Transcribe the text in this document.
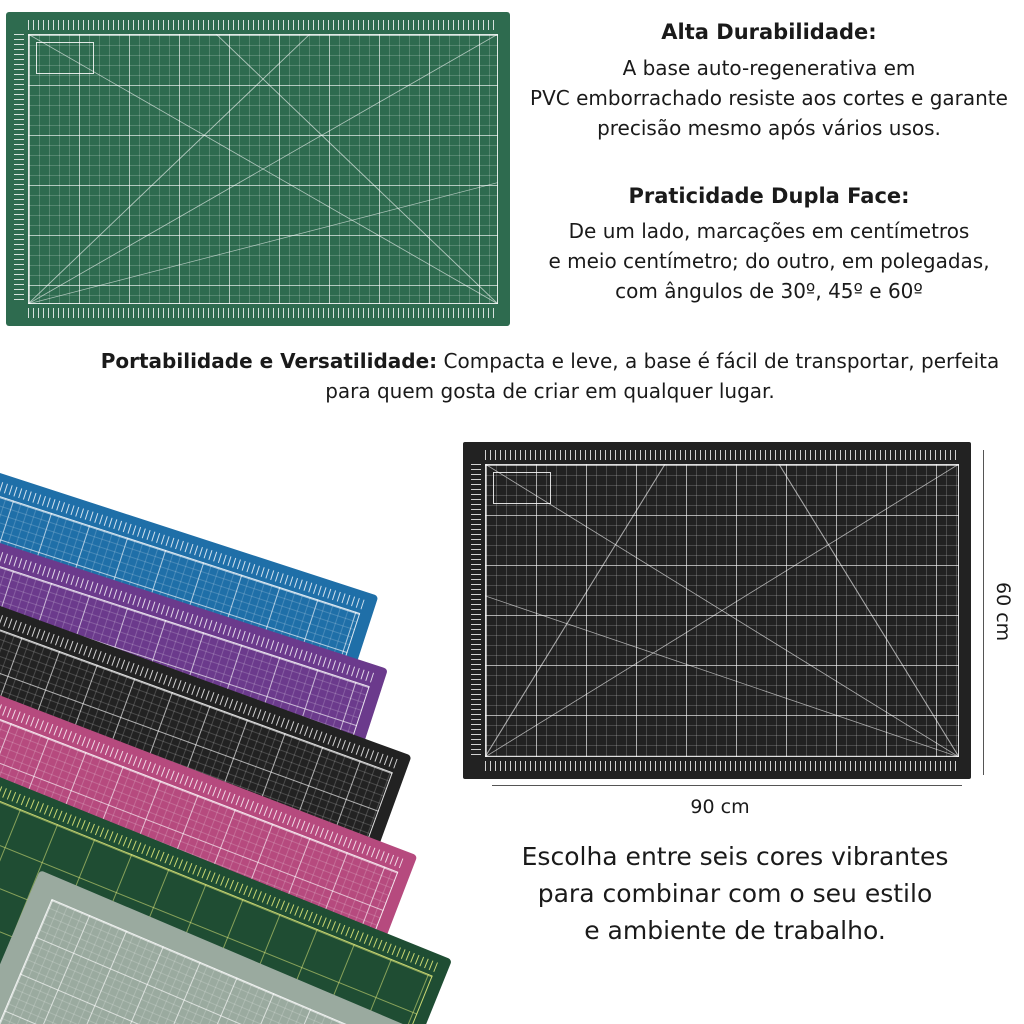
Alta Durabilidade:
A base auto-regenerativa em
PVC emborrachado resiste aos cortes e garante
precisão mesmo após vários usos.
Praticidade Dupla Face:
De um lado, marcações em centímetros
e meio centímetro; do outro, em polegadas,
com ângulos de 30º, 45º e 60º
Portabilidade e Versatilidade: Compacta e leve, a base é fácil de transportar, perfeita
para quem gosta de criar em qualquer lugar.
60 cm
90 cm
Escolha entre seis cores vibrantes
para combinar com o seu estilo
e ambiente de trabalho.
